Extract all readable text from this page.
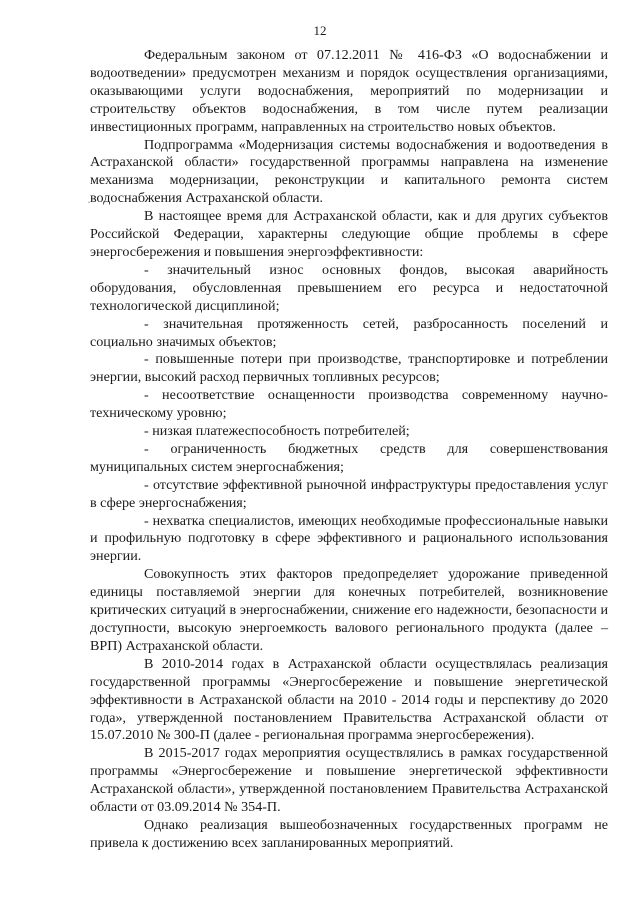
12
·

Федеральным законом от 07.12.2011 № 416-ФЗ «О водоснабжении и водоотведении» предусмотрен механизм и порядок осуществления организациями, оказывающими услуги водоснабжения, мероприятий по модернизации и строительству объектов водоснабжения, в том числе путем реализации инвестиционных программ, направленных на строительство новых объектов.

Подпрограмма «Модернизация системы водоснабжения и водоотведения в Астраханской области» государственной программы направлена на изменение механизма модернизации, реконструкции и капитального ремонта систем водоснабжения Астраханской области.

В настоящее время для Астраханской области, как и для других субъектов Российской Федерации, характерны следующие общие проблемы в сфере энергосбережения и повышения энергоэффективности:

- значительный износ основных фондов, высокая аварийность оборудования, обусловленная превышением его ресурса и недостаточной технологической дисциплиной;

- значительная протяженность сетей, разбросанность поселений и социально значимых объектов;

- повышенные потери при производстве, транспортировке и потреблении энергии, высокий расход первичных топливных ресурсов;

- несоответствие оснащенности производства современному научно-техническому уровню;

- низкая платежеспособность потребителей;

- ограниченность бюджетных средств для совершенствования муниципальных систем энергоснабжения;

- отсутствие эффективной рыночной инфраструктуры предоставления услуг в сфере энергоснабжения;

- нехватка специалистов, имеющих необходимые профессиональные навыки и профильную подготовку в сфере эффективного и рационального использования энергии.

Совокупность этих факторов предопределяет удорожание приведенной единицы поставляемой энергии для конечных потребителей, возникновение критических ситуаций в энергоснабжении, снижение его надежности, безопасности и доступности, высокую энергоемкость валового регионального продукта (далее – ВРП) Астраханской области.

В 2010-2014 годах в Астраханской области осуществлялась реализация государственной программы «Энергосбережение и повышение энергетической эффективности в Астраханской области на 2010 - 2014 годы и перспективу до 2020 года», утвержденной постановлением Правительства Астраханской области от 15.07.2010 № 300-П (далее - региональная программа энергосбережения).

В 2015-2017 годах мероприятия осуществлялись в рамках государственной программы «Энергосбережение и повышение энергетической эффективности Астраханской области», утвержденной постановлением Правительства Астраханской области от 03.09.2014 № 354-П.

Однако реализация вышеобозначенных государственных программ не привела к достижению всех запланированных мероприятий.
